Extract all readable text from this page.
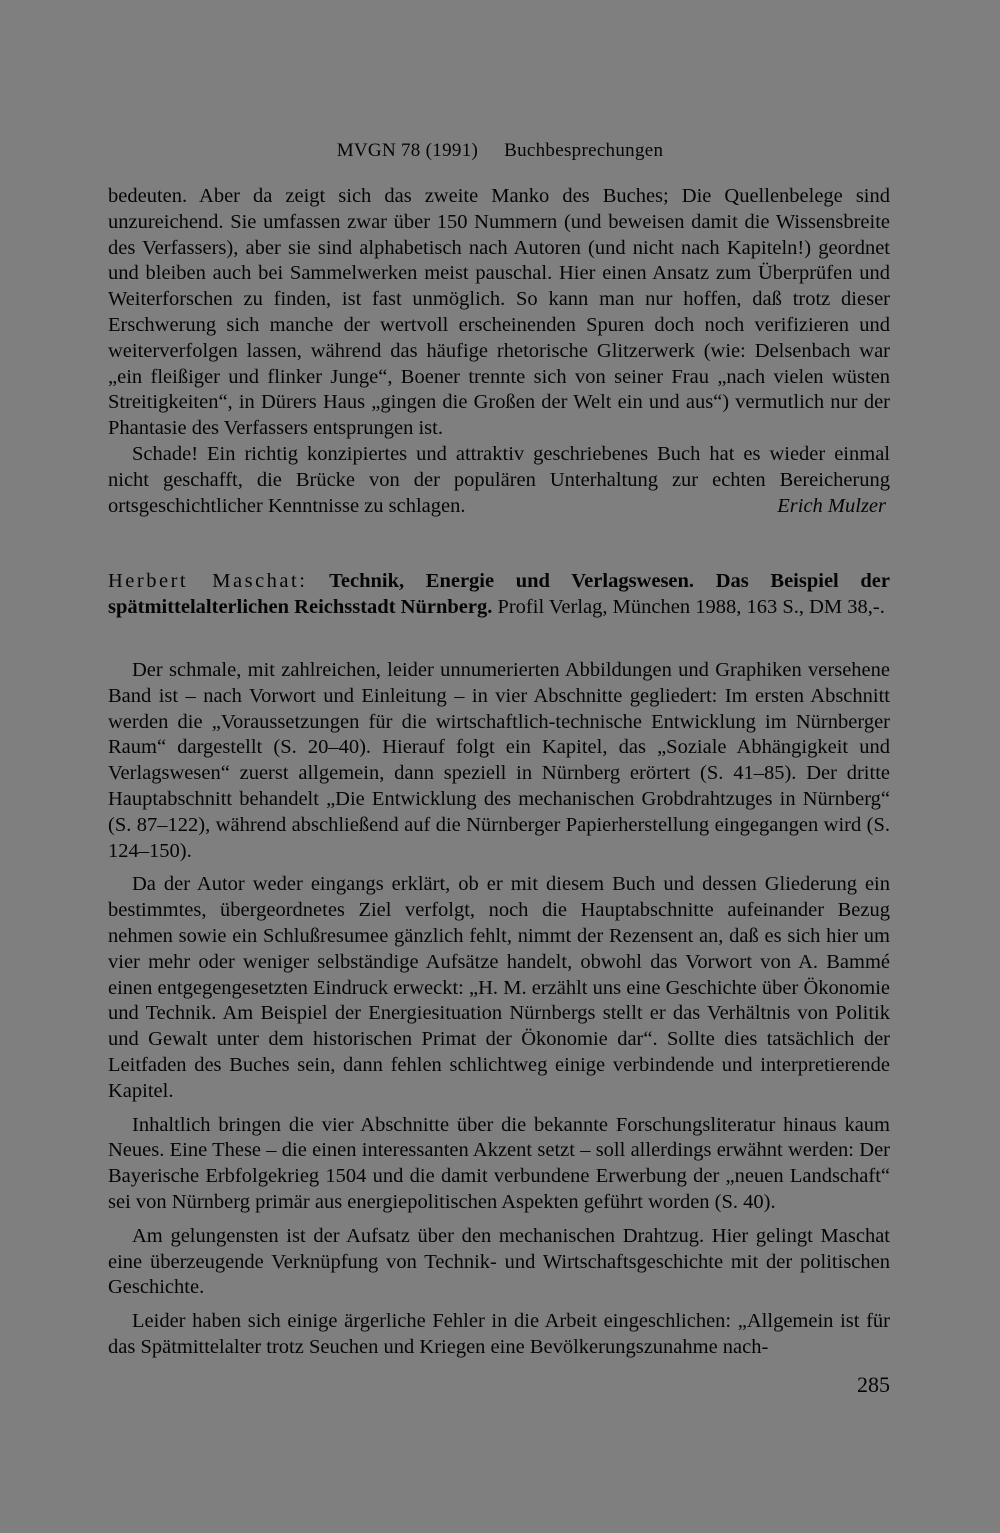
MVGN 78 (1991) Buchbesprechungen

bedeuten. Aber da zeigt sich das zweite Manko des Buches; Die Quellenbelege sind unzureichend. Sie umfassen zwar über 150 Nummern (und beweisen damit die Wissensbreite des Verfassers), aber sie sind alphabetisch nach Autoren (und nicht nach Kapiteln!) geordnet und bleiben auch bei Sammelwerken meist pauschal. Hier einen Ansatz zum Überprüfen und Weiterforschen zu finden, ist fast unmöglich. So kann man nur hoffen, daß trotz dieser Erschwerung sich manche der wertvoll erscheinenden Spuren doch noch verifizieren und weiterverfolgen lassen, während das häufige rhetorische Glitzerwerk (wie: Delsenbach war „ein fleißiger und flinker Junge“, Boener trennte sich von seiner Frau „nach vielen wüsten Streitigkeiten“, in Dürers Haus „gingen die Großen der Welt ein und aus“) vermutlich nur der Phantasie des Verfassers entsprungen ist.

Schade! Ein richtig konzipiertes und attraktiv geschriebenes Buch hat es wieder einmal nicht geschafft, die Brücke von der populären Unterhaltung zur echten Bereicherung ortsgeschichtlicher Kenntnisse zu schlagen.	Erich Mulzer

Herbert Maschat: Technik, Energie und Verlagswesen. Das Beispiel der spätmittelalterlichen Reichsstadt Nürnberg. Profil Verlag, München 1988, 163 S., DM 38,-.

Der schmale, mit zahlreichen, leider unnumerierten Abbildungen und Graphiken versehene Band ist – nach Vorwort und Einleitung – in vier Abschnitte gegliedert: Im ersten Abschnitt werden die „Voraussetzungen für die wirtschaftlich-technische Entwicklung im Nürnberger Raum“ dargestellt (S. 20–40). Hierauf folgt ein Kapitel, das „Soziale Abhängigkeit und Verlagswesen“ zuerst allgemein, dann speziell in Nürnberg erörtert (S. 41–85). Der dritte Hauptabschnitt behandelt „Die Entwicklung des mechanischen Grobdrahtzuges in Nürnberg“ (S. 87–122), während abschließend auf die Nürnberger Papierherstellung eingegangen wird (S. 124–150).

Da der Autor weder eingangs erklärt, ob er mit diesem Buch und dessen Gliederung ein bestimmtes, übergeordnetes Ziel verfolgt, noch die Hauptabschnitte aufeinander Bezug nehmen sowie ein Schlußresumee gänzlich fehlt, nimmt der Rezensent an, daß es sich hier um vier mehr oder weniger selbständige Aufsätze handelt, obwohl das Vorwort von A. Bammé einen entgegengesetzten Eindruck erweckt: „H. M. erzählt uns eine Geschichte über Ökonomie und Technik. Am Beispiel der Energiesituation Nürnbergs stellt er das Verhältnis von Politik und Gewalt unter dem historischen Primat der Ökonomie dar“. Sollte dies tatsächlich der Leitfaden des Buches sein, dann fehlen schlichtweg einige verbindende und interpretierende Kapitel.

Inhaltlich bringen die vier Abschnitte über die bekannte Forschungsliteratur hinaus kaum Neues. Eine These – die einen interessanten Akzent setzt – soll allerdings erwähnt werden: Der Bayerische Erbfolgekrieg 1504 und die damit verbundene Erwerbung der „neuen Landschaft“ sei von Nürnberg primär aus energiepolitischen Aspekten geführt worden (S. 40).

Am gelungensten ist der Aufsatz über den mechanischen Drahtzug. Hier gelingt Maschat eine überzeugende Verknüpfung von Technik- und Wirtschaftsgeschichte mit der politischen Geschichte.

Leider haben sich einige ärgerliche Fehler in die Arbeit eingeschlichen: „Allgemein ist für das Spätmittelalter trotz Seuchen und Kriegen eine Bevölkerungszunahme nach-

285
